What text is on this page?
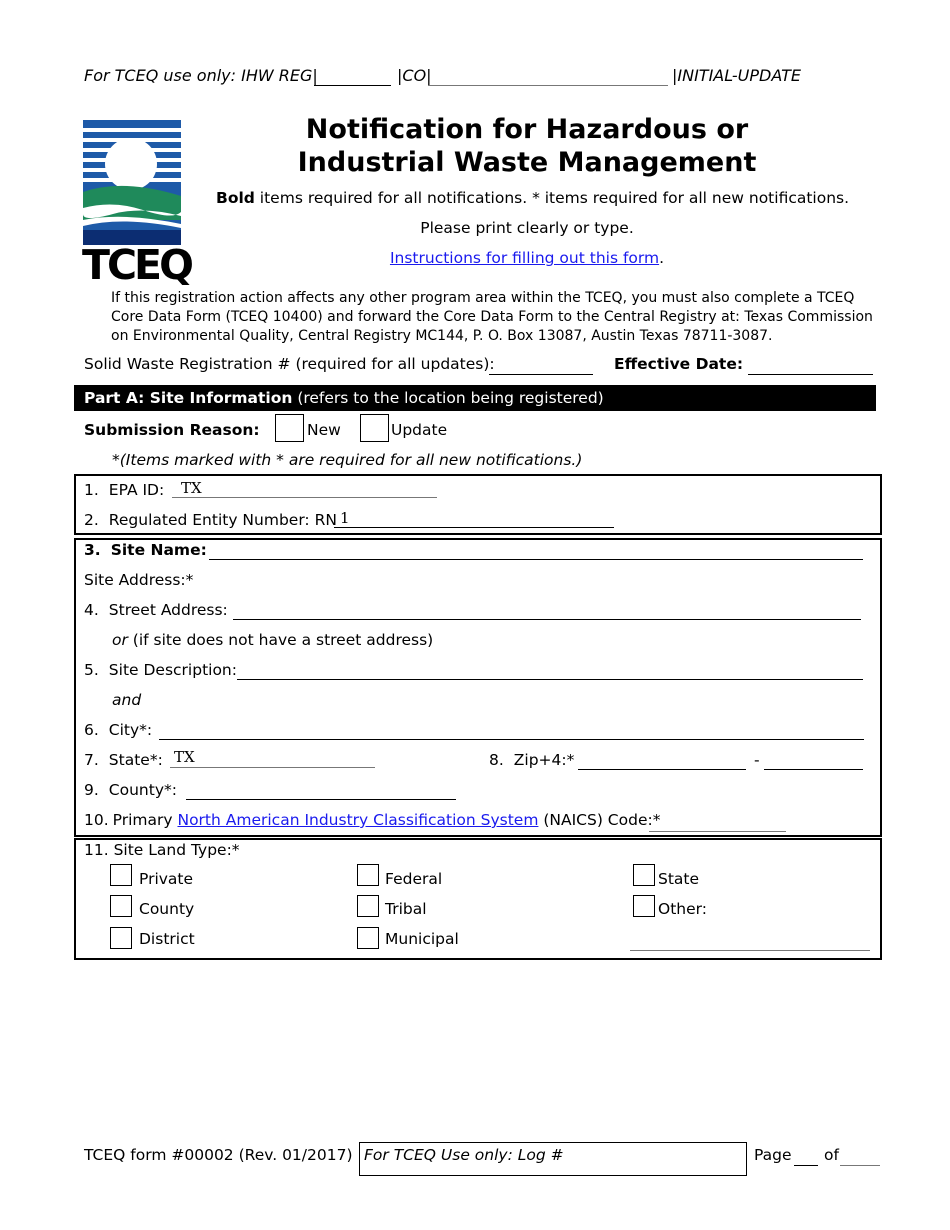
For TCEQ use only: IHW REG|	|CO|	|INITIAL-UPDATE
TCEQ
Notification for Hazardous or
Industrial Waste Management
Bold items required for all notifications. * items required for all new notifications.
Please print clearly or type.
Instructions for filling out this form.
If this registration action affects any other program area within the TCEQ, you must also complete a TCEQ
Core Data Form (TCEQ 10400) and forward the Core Data Form to the Central Registry at: Texas Commission
on Environmental Quality, Central Registry MC144, P. O. Box 13087, Austin Texas 78711-3087.
Solid Waste Registration # (required for all updates):	Effective Date:
Part A: Site Information (refers to the location being registered)
Submission Reason:	New	Update
*(Items marked with * are required for all new notifications.)
1. EPA ID: TX
2. Regulated Entity Number: RN 1
3. Site Name:
Site Address:*
4. Street Address:
or (if site does not have a street address)
5. Site Description:
and
6. City*:
7. State*: TX	8. Zip+4:*	-
9. County*:
10. Primary North American Industry Classification System (NAICS) Code:*
11. Site Land Type:*
Private	Federal	State
County	Tribal	Other:
District	Municipal
TCEQ form #00002 (Rev. 01/2017) For TCEQ Use only: Log #	Page of
